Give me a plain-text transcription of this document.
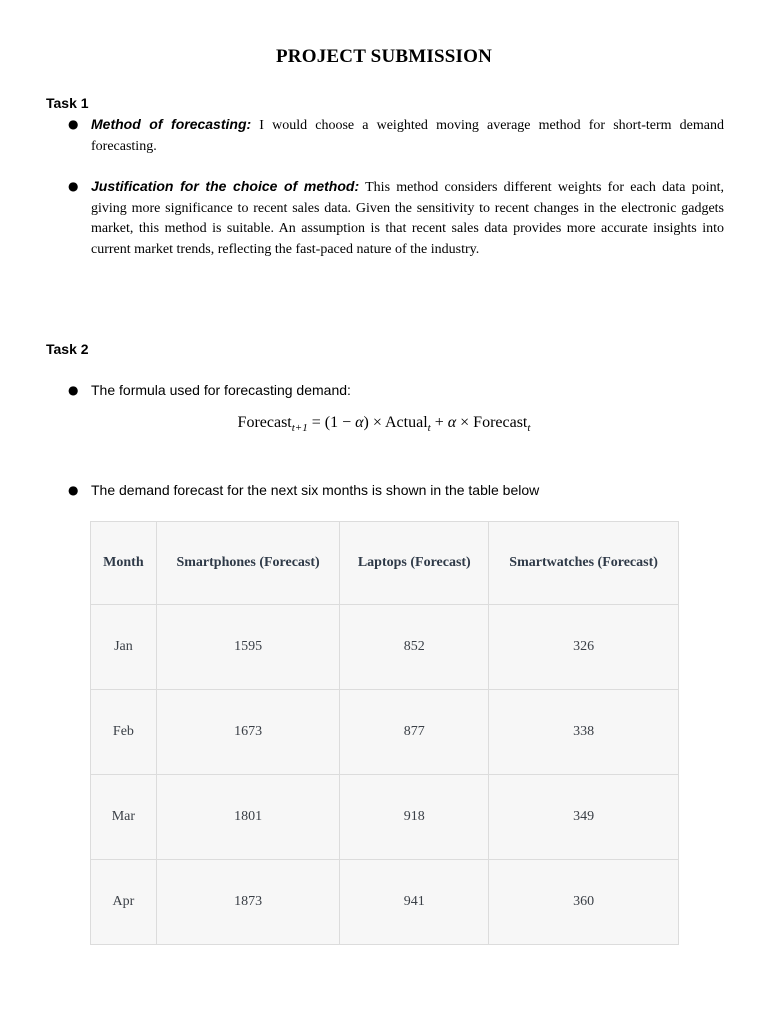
PROJECT SUBMISSION
Task 1
● Method of forecasting: I would choose a weighted moving average method for short-term demand forecasting.
● Justification for the choice of method: This method considers different weights for each data point, giving more significance to recent sales data. Given the sensitivity to recent changes in the electronic gadgets market, this method is suitable. An assumption is that recent sales data provides more accurate insights into current market trends, reflecting the fast-paced nature of the industry.
Task 2
● The formula used for forecasting demand:
Forecast$_{t+1}$ = (1 − α) × Actual$_t$ + α × Forecast$_t$
● The demand forecast for the next six months is shown in the table below
Month	Smartphones (Forecast)	Laptops (Forecast)	Smartwatches (Forecast)
Jan	1595	852	326
Feb	1673	877	338
Mar	1801	918	349
Apr	1873	941	360
